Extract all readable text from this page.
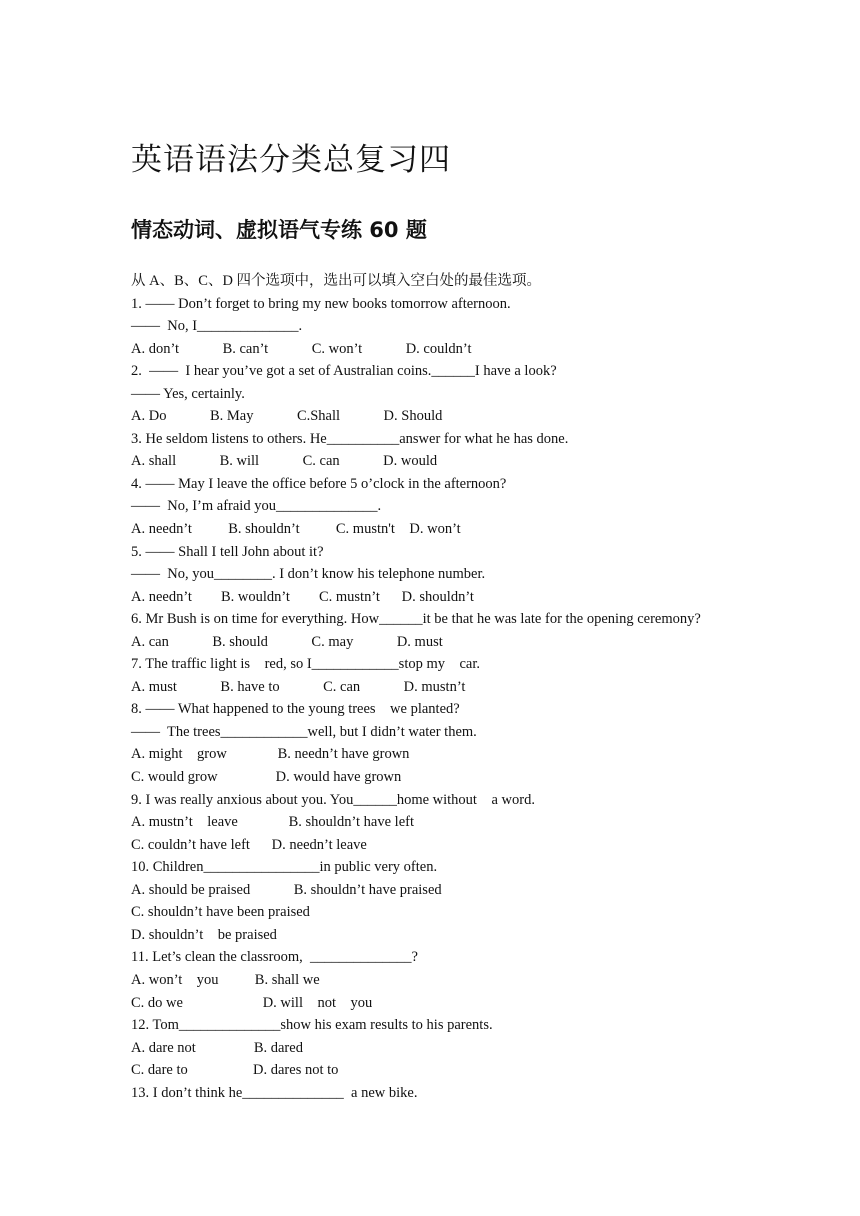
英语语法分类总复习四
情态动词、虚拟语气专练 60 题
从 A、B、C、D 四个选项中，选出可以填入空白处的最佳选项。
1. —— Don’t forget to bring my new books tomorrow afternoon.
——  No, I______________.
A. don’t            B. can’t            C. won’t            D. couldn’t
2.  ——  I hear you’ve got a set of Australian coins.______I have a look?
—— Yes, certainly.
A. Do            B. May            C.Shall            D. Should
3. He seldom listens to others. He__________answer for what he has done.
A. shall            B. will            C. can            D. would
4. —— May I leave the office before 5 o’clock in the afternoon?
——  No, I’m afraid you______________.
A. needn’t          B. shouldn’t          C. mustn't    D. won’t
5. —— Shall I tell John about it?
——  No, you________. I don’t know his telephone number.
A. needn’t        B. wouldn’t        C. mustn’t      D. shouldn’t
6. Mr Bush is on time for everything. How______it be that he was late for the opening ceremony?
A. can            B. should            C. may            D. must
7. The traffic light is    red, so I____________stop my    car.
A. must            B. have to            C. can            D. mustn’t
8. —— What happened to the young trees    we planted?
——  The trees____________well, but I didn’t water them.
A. might    grow              B. needn’t have grown
C. would grow                D. would have grown
9. I was really anxious about you. You______home without    a word.
A. mustn’t    leave              B. shouldn’t have left
C. couldn’t have left      D. needn’t leave
10. Children________________in public very often.
A. should be praised            B. shouldn’t have praised
C. shouldn’t have been praised
D. shouldn’t    be praised
11. Let’s clean the classroom,  ______________?
A. won’t    you          B. shall we
C. do we                      D. will    not    you
12. Tom______________show his exam results to his parents.
A. dare not                B. dared
C. dare to                  D. dares not to
13. I don’t think he______________  a new bike.
